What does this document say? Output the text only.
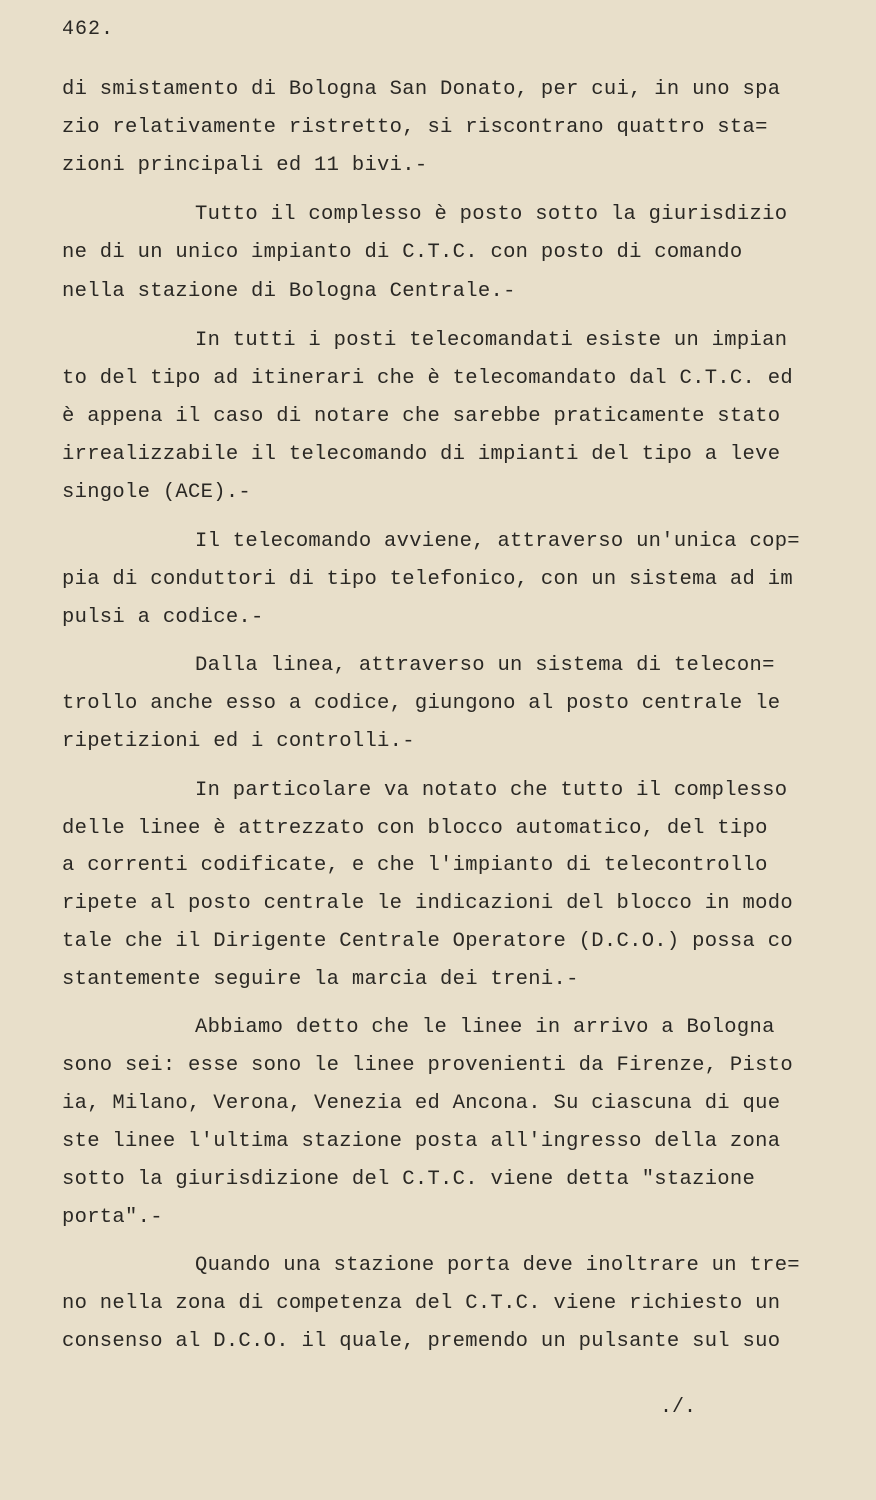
462.
di smistamento di Bologna San Donato, per cui, in uno spa
zio relativamente ristretto, si riscontrano quattro sta=
zioni principali ed 11 bivi.-
Tutto il complesso è posto sotto la giurisdizio
ne di un unico impianto di C.T.C. con posto di comando
nella stazione di Bologna Centrale.-
In tutti i posti telecomandati esiste un impian
to del tipo ad itinerari che è telecomandato dal C.T.C. ed
è appena il caso di notare che sarebbe praticamente stato
irrealizzabile il telecomando di impianti del tipo a leve
singole (ACE).-
Il telecomando avviene, attraverso un'unica cop=
pia di conduttori di tipo telefonico, con un sistema ad im
pulsi a codice.-
Dalla linea, attraverso un sistema di telecon=
trollo anche esso a codice, giungono al posto centrale le
ripetizioni ed i controlli.-
In particolare va notato che tutto il complesso
delle linee è attrezzato con blocco automatico, del tipo
a correnti codificate, e che l'impianto di telecontrollo
ripete al posto centrale le indicazioni del blocco in modo
tale che il Dirigente Centrale Operatore (D.C.O.) possa co
stantemente seguire la marcia dei treni.-
Abbiamo detto che le linee in arrivo a Bologna
sono sei: esse sono le linee provenienti da Firenze, Pisto
ia, Milano, Verona, Venezia ed Ancona. Su ciascuna di que
ste linee l'ultima stazione posta all'ingresso della zona
sotto la giurisdizione del C.T.C. viene detta "stazione
porta".-
Quando una stazione porta deve inoltrare un tre=
no nella zona di competenza del C.T.C. viene richiesto un
consenso al D.C.O. il quale, premendo un pulsante sul suo
./.
